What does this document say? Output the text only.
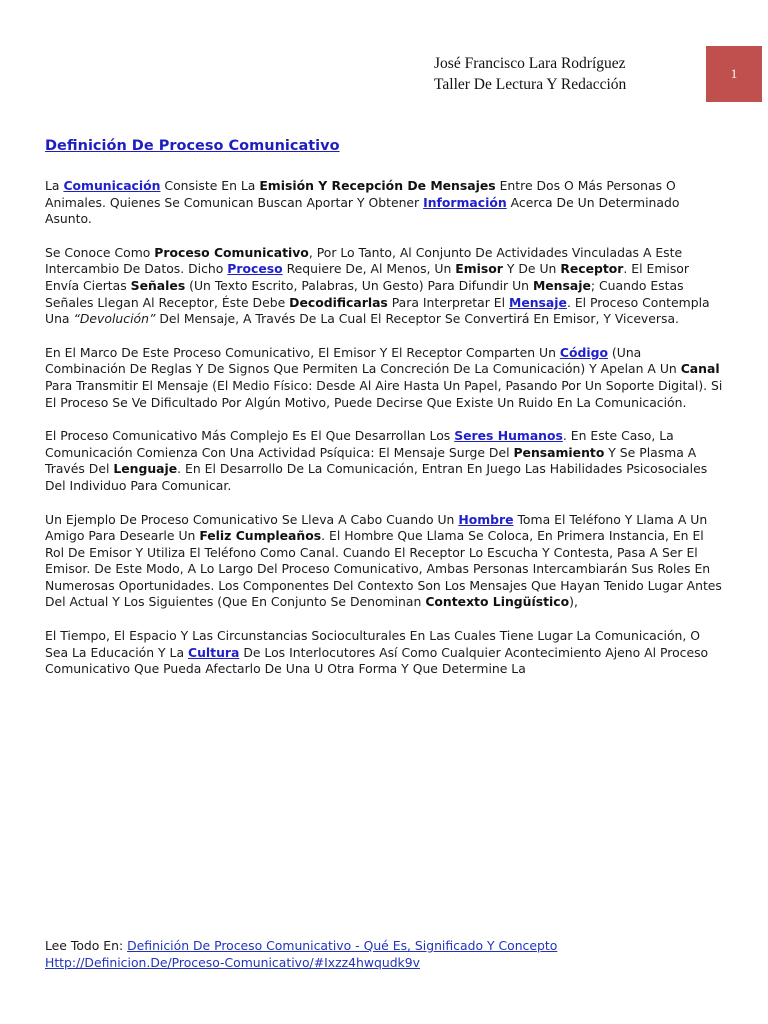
José Francisco Lara Rodríguez
Taller De Lectura Y Redacción
1
Definición De Proceso Comunicativo

La Comunicación Consiste En La Emisión Y Recepción De Mensajes Entre Dos O Más Personas O Animales. Quienes Se Comunican Buscan Aportar Y Obtener Información Acerca De Un Determinado Asunto.

Se Conoce Como Proceso Comunicativo, Por Lo Tanto, Al Conjunto De Actividades Vinculadas A Este Intercambio De Datos. Dicho Proceso Requiere De, Al Menos, Un Emisor Y De Un Receptor. El Emisor Envía Ciertas Señales (Un Texto Escrito, Palabras, Un Gesto) Para Difundir Un Mensaje; Cuando Estas Señales Llegan Al Receptor, Éste Debe Decodificarlas Para Interpretar El Mensaje. El Proceso Contempla Una “Devolución” Del Mensaje, A Través De La Cual El Receptor Se Convertirá En Emisor, Y Viceversa.

En El Marco De Este Proceso Comunicativo, El Emisor Y El Receptor Comparten Un Código (Una Combinación De Reglas Y De Signos Que Permiten La Concreción De La Comunicación) Y Apelan A Un Canal Para Transmitir El Mensaje (El Medio Físico: Desde Al Aire Hasta Un Papel, Pasando Por Un Soporte Digital). Si El Proceso Se Ve Dificultado Por Algún Motivo, Puede Decirse Que Existe Un Ruido En La Comunicación.

El Proceso Comunicativo Más Complejo Es El Que Desarrollan Los Seres Humanos. En Este Caso, La Comunicación Comienza Con Una Actividad Psíquica: El Mensaje Surge Del Pensamiento Y Se Plasma A Través Del Lenguaje. En El Desarrollo De La Comunicación, Entran En Juego Las Habilidades Psicosociales Del Individuo Para Comunicar.

Un Ejemplo De Proceso Comunicativo Se Lleva A Cabo Cuando Un Hombre Toma El Teléfono Y Llama A Un Amigo Para Desearle Un Feliz Cumpleaños. El Hombre Que Llama Se Coloca, En Primera Instancia, En El Rol De Emisor Y Utiliza El Teléfono Como Canal. Cuando El Receptor Lo Escucha Y Contesta, Pasa A Ser El Emisor. De Este Modo, A Lo Largo Del Proceso Comunicativo, Ambas Personas Intercambiarán Sus Roles En Numerosas Oportunidades. Los Componentes Del Contexto Son Los Mensajes Que Hayan Tenido Lugar Antes Del Actual Y Los Siguientes (Que En Conjunto Se Denominan Contexto Lingüístico),

El Tiempo, El Espacio Y Las Circunstancias Socioculturales En Las Cuales Tiene Lugar La Comunicación, O Sea La Educación Y La Cultura De Los Interlocutores Así Como Cualquier Acontecimiento Ajeno Al Proceso Comunicativo Que Pueda Afectarlo De Una U Otra Forma Y Que Determine La

Lee Todo En: Definición De Proceso Comunicativo - Qué Es, Significado Y Concepto
Http://Definicion.De/Proceso-Comunicativo/#Ixzz4hwqudk9v
